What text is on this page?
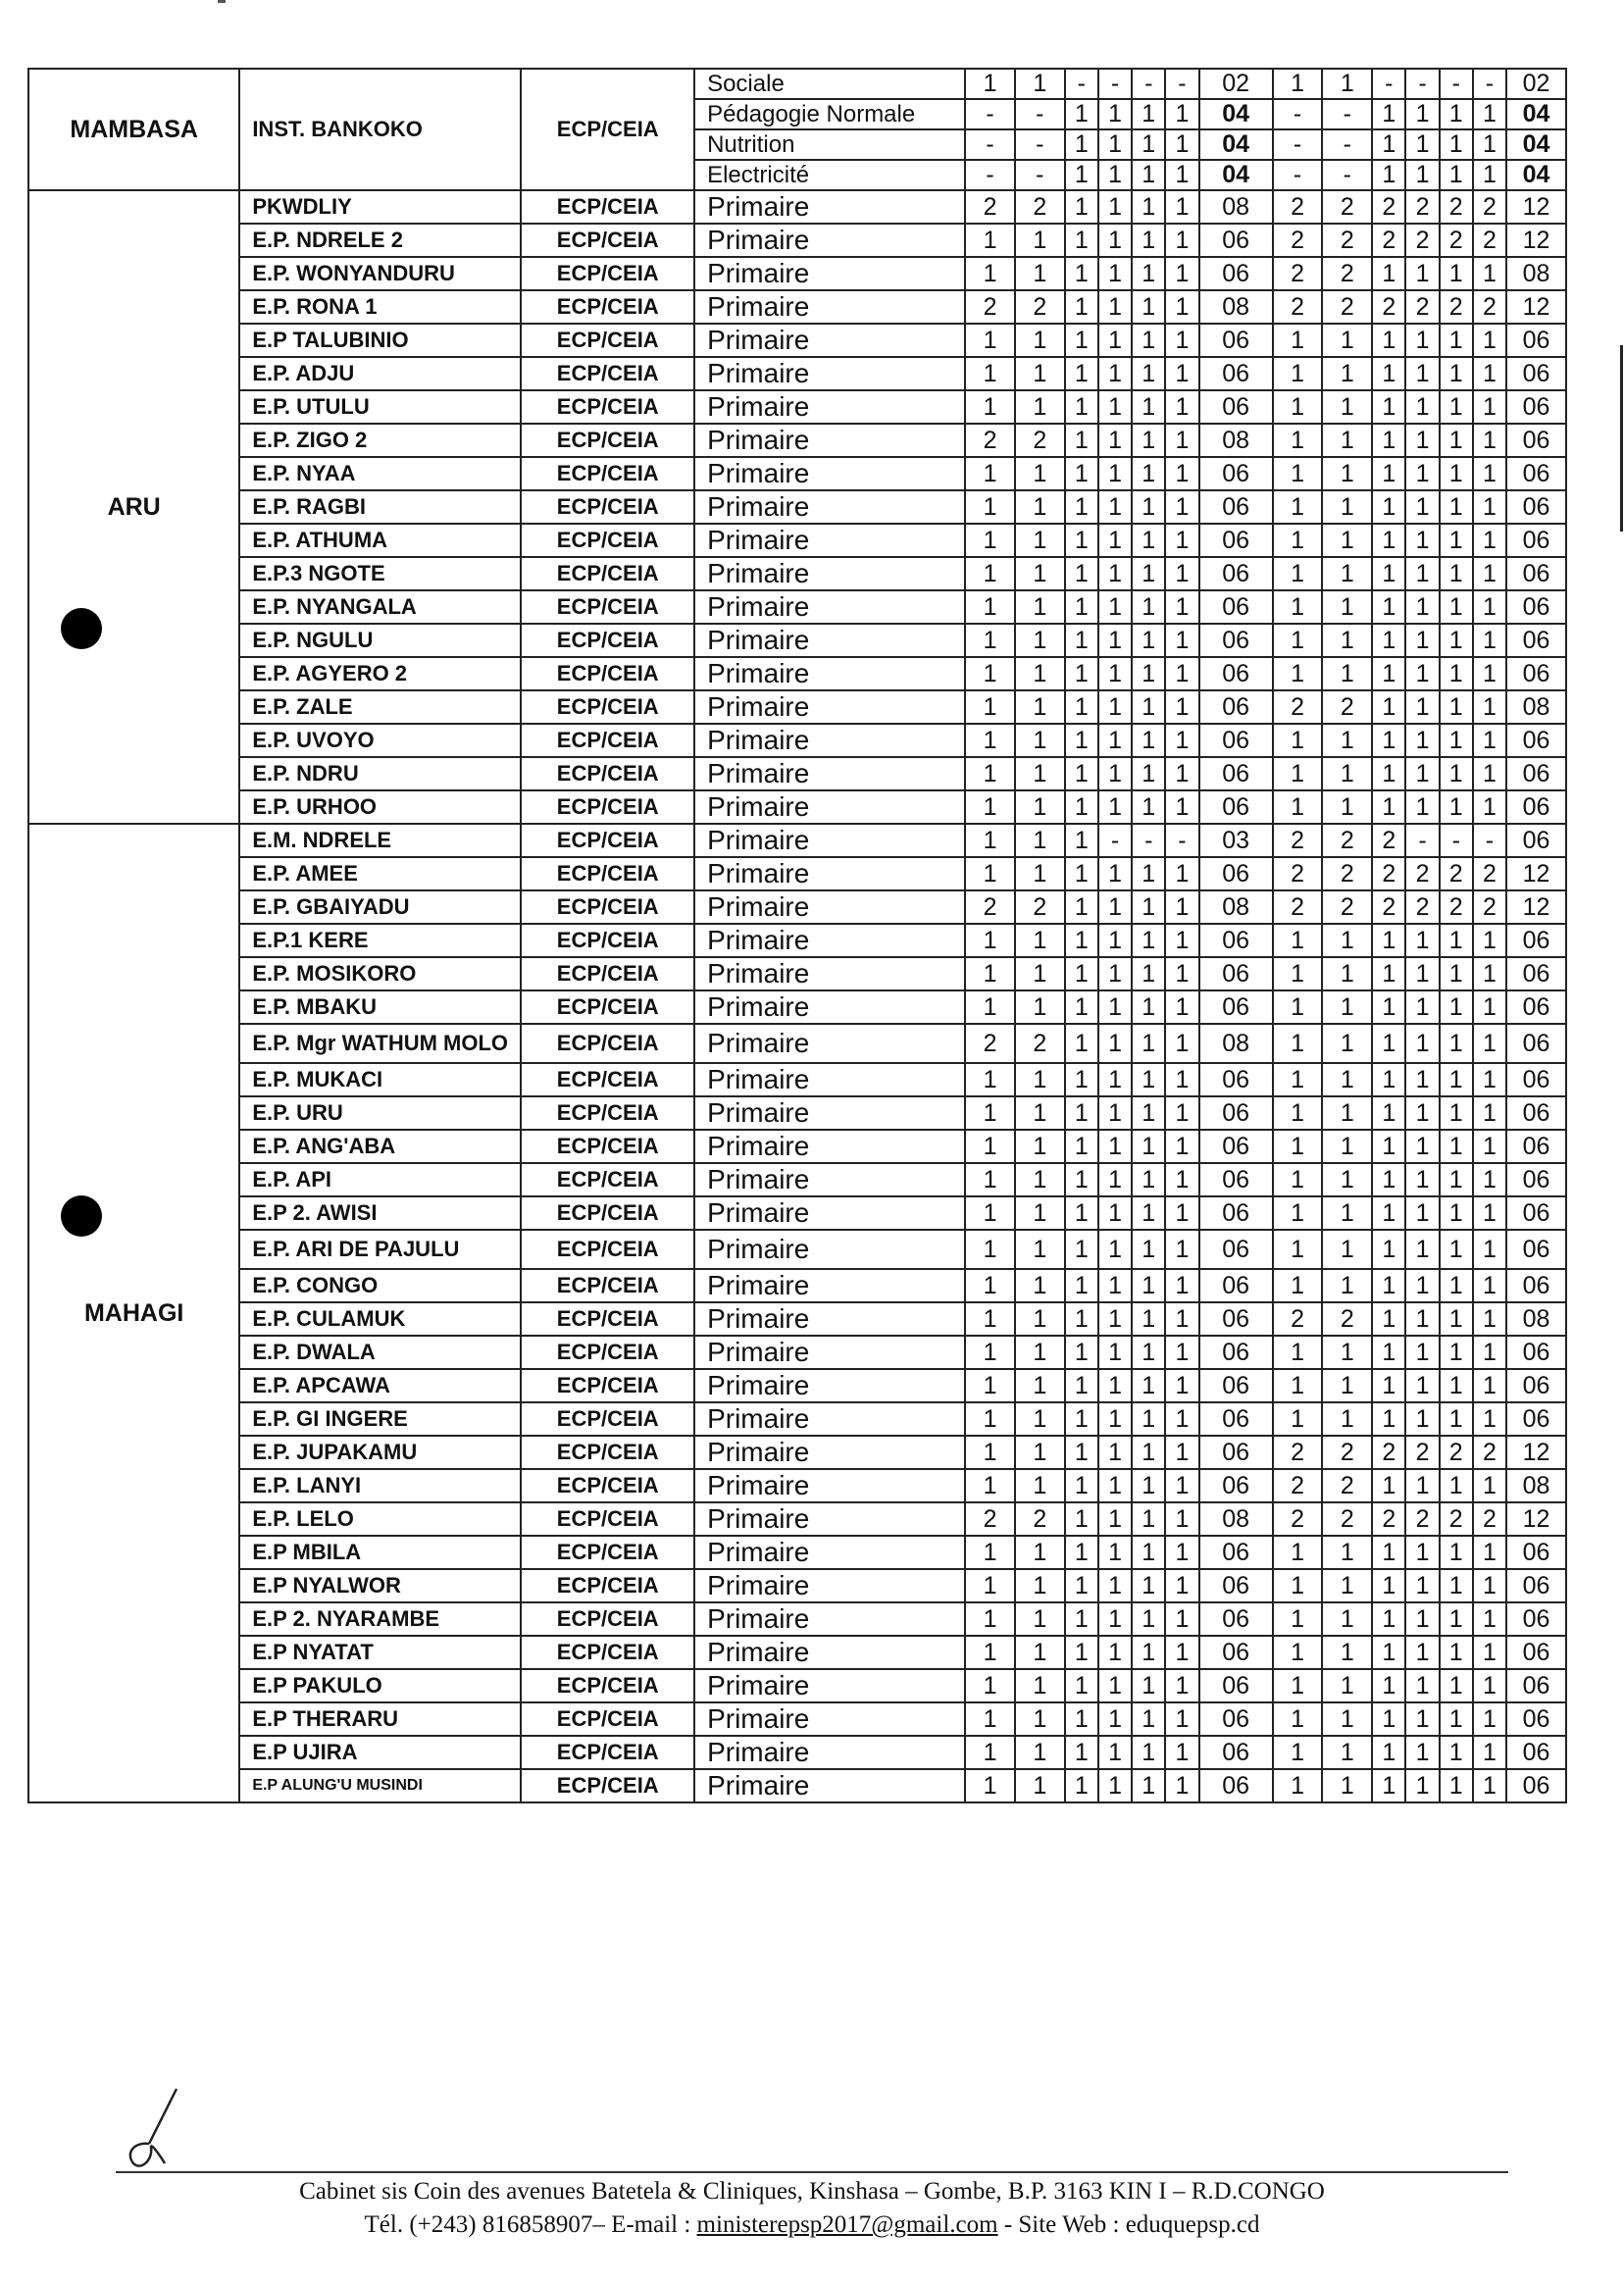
MAMBASA	INST. BANKOKO	ECP/CEIA	Sociale	1	1	-	-	-	-	02	1	1	-	-	-	-	02
			Pédagogie Normale	-	-	1	1	1	1	04	-	-	1	1	1	1	04
			Nutrition	-	-	1	1	1	1	04	-	-	1	1	1	1	04
			Electricité	-	-	1	1	1	1	04	-	-	1	1	1	1	04
ARU	PKWDLIY	ECP/CEIA	Primaire	2	2	1	1	1	1	08	2	2	2	2	2	2	12
	E.P. NDRELE 2	ECP/CEIA	Primaire	1	1	1	1	1	1	06	2	2	2	2	2	2	12
	E.P. WONYANDURU	ECP/CEIA	Primaire	1	1	1	1	1	1	06	2	2	1	1	1	1	08
	E.P. RONA 1	ECP/CEIA	Primaire	2	2	1	1	1	1	08	2	2	2	2	2	2	12
	E.P TALUBINIO	ECP/CEIA	Primaire	1	1	1	1	1	1	06	1	1	1	1	1	1	06
	E.P. ADJU	ECP/CEIA	Primaire	1	1	1	1	1	1	06	1	1	1	1	1	1	06
	E.P. UTULU	ECP/CEIA	Primaire	1	1	1	1	1	1	06	1	1	1	1	1	1	06
	E.P. ZIGO 2	ECP/CEIA	Primaire	2	2	1	1	1	1	08	1	1	1	1	1	1	06
	E.P. NYAA	ECP/CEIA	Primaire	1	1	1	1	1	1	06	1	1	1	1	1	1	06
	E.P. RAGBI	ECP/CEIA	Primaire	1	1	1	1	1	1	06	1	1	1	1	1	1	06
	E.P. ATHUMA	ECP/CEIA	Primaire	1	1	1	1	1	1	06	1	1	1	1	1	1	06
	E.P.3 NGOTE	ECP/CEIA	Primaire	1	1	1	1	1	1	06	1	1	1	1	1	1	06
	E.P. NYANGALA	ECP/CEIA	Primaire	1	1	1	1	1	1	06	1	1	1	1	1	1	06
	E.P. NGULU	ECP/CEIA	Primaire	1	1	1	1	1	1	06	1	1	1	1	1	1	06
	E.P. AGYERO 2	ECP/CEIA	Primaire	1	1	1	1	1	1	06	1	1	1	1	1	1	06
	E.P. ZALE	ECP/CEIA	Primaire	1	1	1	1	1	1	06	2	2	1	1	1	1	08
	E.P. UVOYO	ECP/CEIA	Primaire	1	1	1	1	1	1	06	1	1	1	1	1	1	06
	E.P. NDRU	ECP/CEIA	Primaire	1	1	1	1	1	1	06	1	1	1	1	1	1	06
	E.P. URHOO	ECP/CEIA	Primaire	1	1	1	1	1	1	06	1	1	1	1	1	1	06
MAHAGI	E.M. NDRELE	ECP/CEIA	Primaire	1	1	1	-	-	-	03	2	2	2	-	-	-	06
	E.P. AMEE	ECP/CEIA	Primaire	1	1	1	1	1	1	06	2	2	2	2	2	2	12
	E.P. GBAIYADU	ECP/CEIA	Primaire	2	2	1	1	1	1	08	2	2	2	2	2	2	12
	E.P.1 KERE	ECP/CEIA	Primaire	1	1	1	1	1	1	06	1	1	1	1	1	1	06
	E.P. MOSIKORO	ECP/CEIA	Primaire	1	1	1	1	1	1	06	1	1	1	1	1	1	06
	E.P. MBAKU	ECP/CEIA	Primaire	1	1	1	1	1	1	06	1	1	1	1	1	1	06
	E.P. Mgr WATHUM MOLO	ECP/CEIA	Primaire	2	2	1	1	1	1	08	1	1	1	1	1	1	06
	E.P. MUKACI	ECP/CEIA	Primaire	1	1	1	1	1	1	06	1	1	1	1	1	1	06
	E.P. URU	ECP/CEIA	Primaire	1	1	1	1	1	1	06	1	1	1	1	1	1	06
	E.P. ANG'ABA	ECP/CEIA	Primaire	1	1	1	1	1	1	06	1	1	1	1	1	1	06
	E.P. API	ECP/CEIA	Primaire	1	1	1	1	1	1	06	1	1	1	1	1	1	06
	E.P 2. AWISI	ECP/CEIA	Primaire	1	1	1	1	1	1	06	1	1	1	1	1	1	06
	E.P. ARI DE PAJULU	ECP/CEIA	Primaire	1	1	1	1	1	1	06	1	1	1	1	1	1	06
	E.P. CONGO	ECP/CEIA	Primaire	1	1	1	1	1	1	06	1	1	1	1	1	1	06
	E.P. CULAMUK	ECP/CEIA	Primaire	1	1	1	1	1	1	06	2	2	1	1	1	1	08
	E.P. DWALA	ECP/CEIA	Primaire	1	1	1	1	1	1	06	1	1	1	1	1	1	06
	E.P. APCAWA	ECP/CEIA	Primaire	1	1	1	1	1	1	06	1	1	1	1	1	1	06
	E.P. GI INGERE	ECP/CEIA	Primaire	1	1	1	1	1	1	06	1	1	1	1	1	1	06
	E.P. JUPAKAMU	ECP/CEIA	Primaire	1	1	1	1	1	1	06	2	2	2	2	2	2	12
	E.P. LANYI	ECP/CEIA	Primaire	1	1	1	1	1	1	06	2	2	1	1	1	1	08
	E.P. LELO	ECP/CEIA	Primaire	2	2	1	1	1	1	08	2	2	2	2	2	2	12
	E.P MBILA	ECP/CEIA	Primaire	1	1	1	1	1	1	06	1	1	1	1	1	1	06
	E.P NYALWOR	ECP/CEIA	Primaire	1	1	1	1	1	1	06	1	1	1	1	1	1	06
	E.P 2. NYARAMBE	ECP/CEIA	Primaire	1	1	1	1	1	1	06	1	1	1	1	1	1	06
	E.P NYATAT	ECP/CEIA	Primaire	1	1	1	1	1	1	06	1	1	1	1	1	1	06
	E.P PAKULO	ECP/CEIA	Primaire	1	1	1	1	1	1	06	1	1	1	1	1	1	06
	E.P THERARU	ECP/CEIA	Primaire	1	1	1	1	1	1	06	1	1	1	1	1	1	06
	E.P UJIRA	ECP/CEIA	Primaire	1	1	1	1	1	1	06	1	1	1	1	1	1	06
	E.P ALUNG'U MUSINDI	ECP/CEIA	Primaire	1	1	1	1	1	1	06	1	1	1	1	1	1	06
Cabinet sis Coin des avenues Batetela & Cliniques, Kinshasa – Gombe, B.P. 3163 KIN I – R.D.CONGO
Tél. (+243) 816858907– E-mail : ministerepsp2017@gmail.com - Site Web : eduquepsp.cd
